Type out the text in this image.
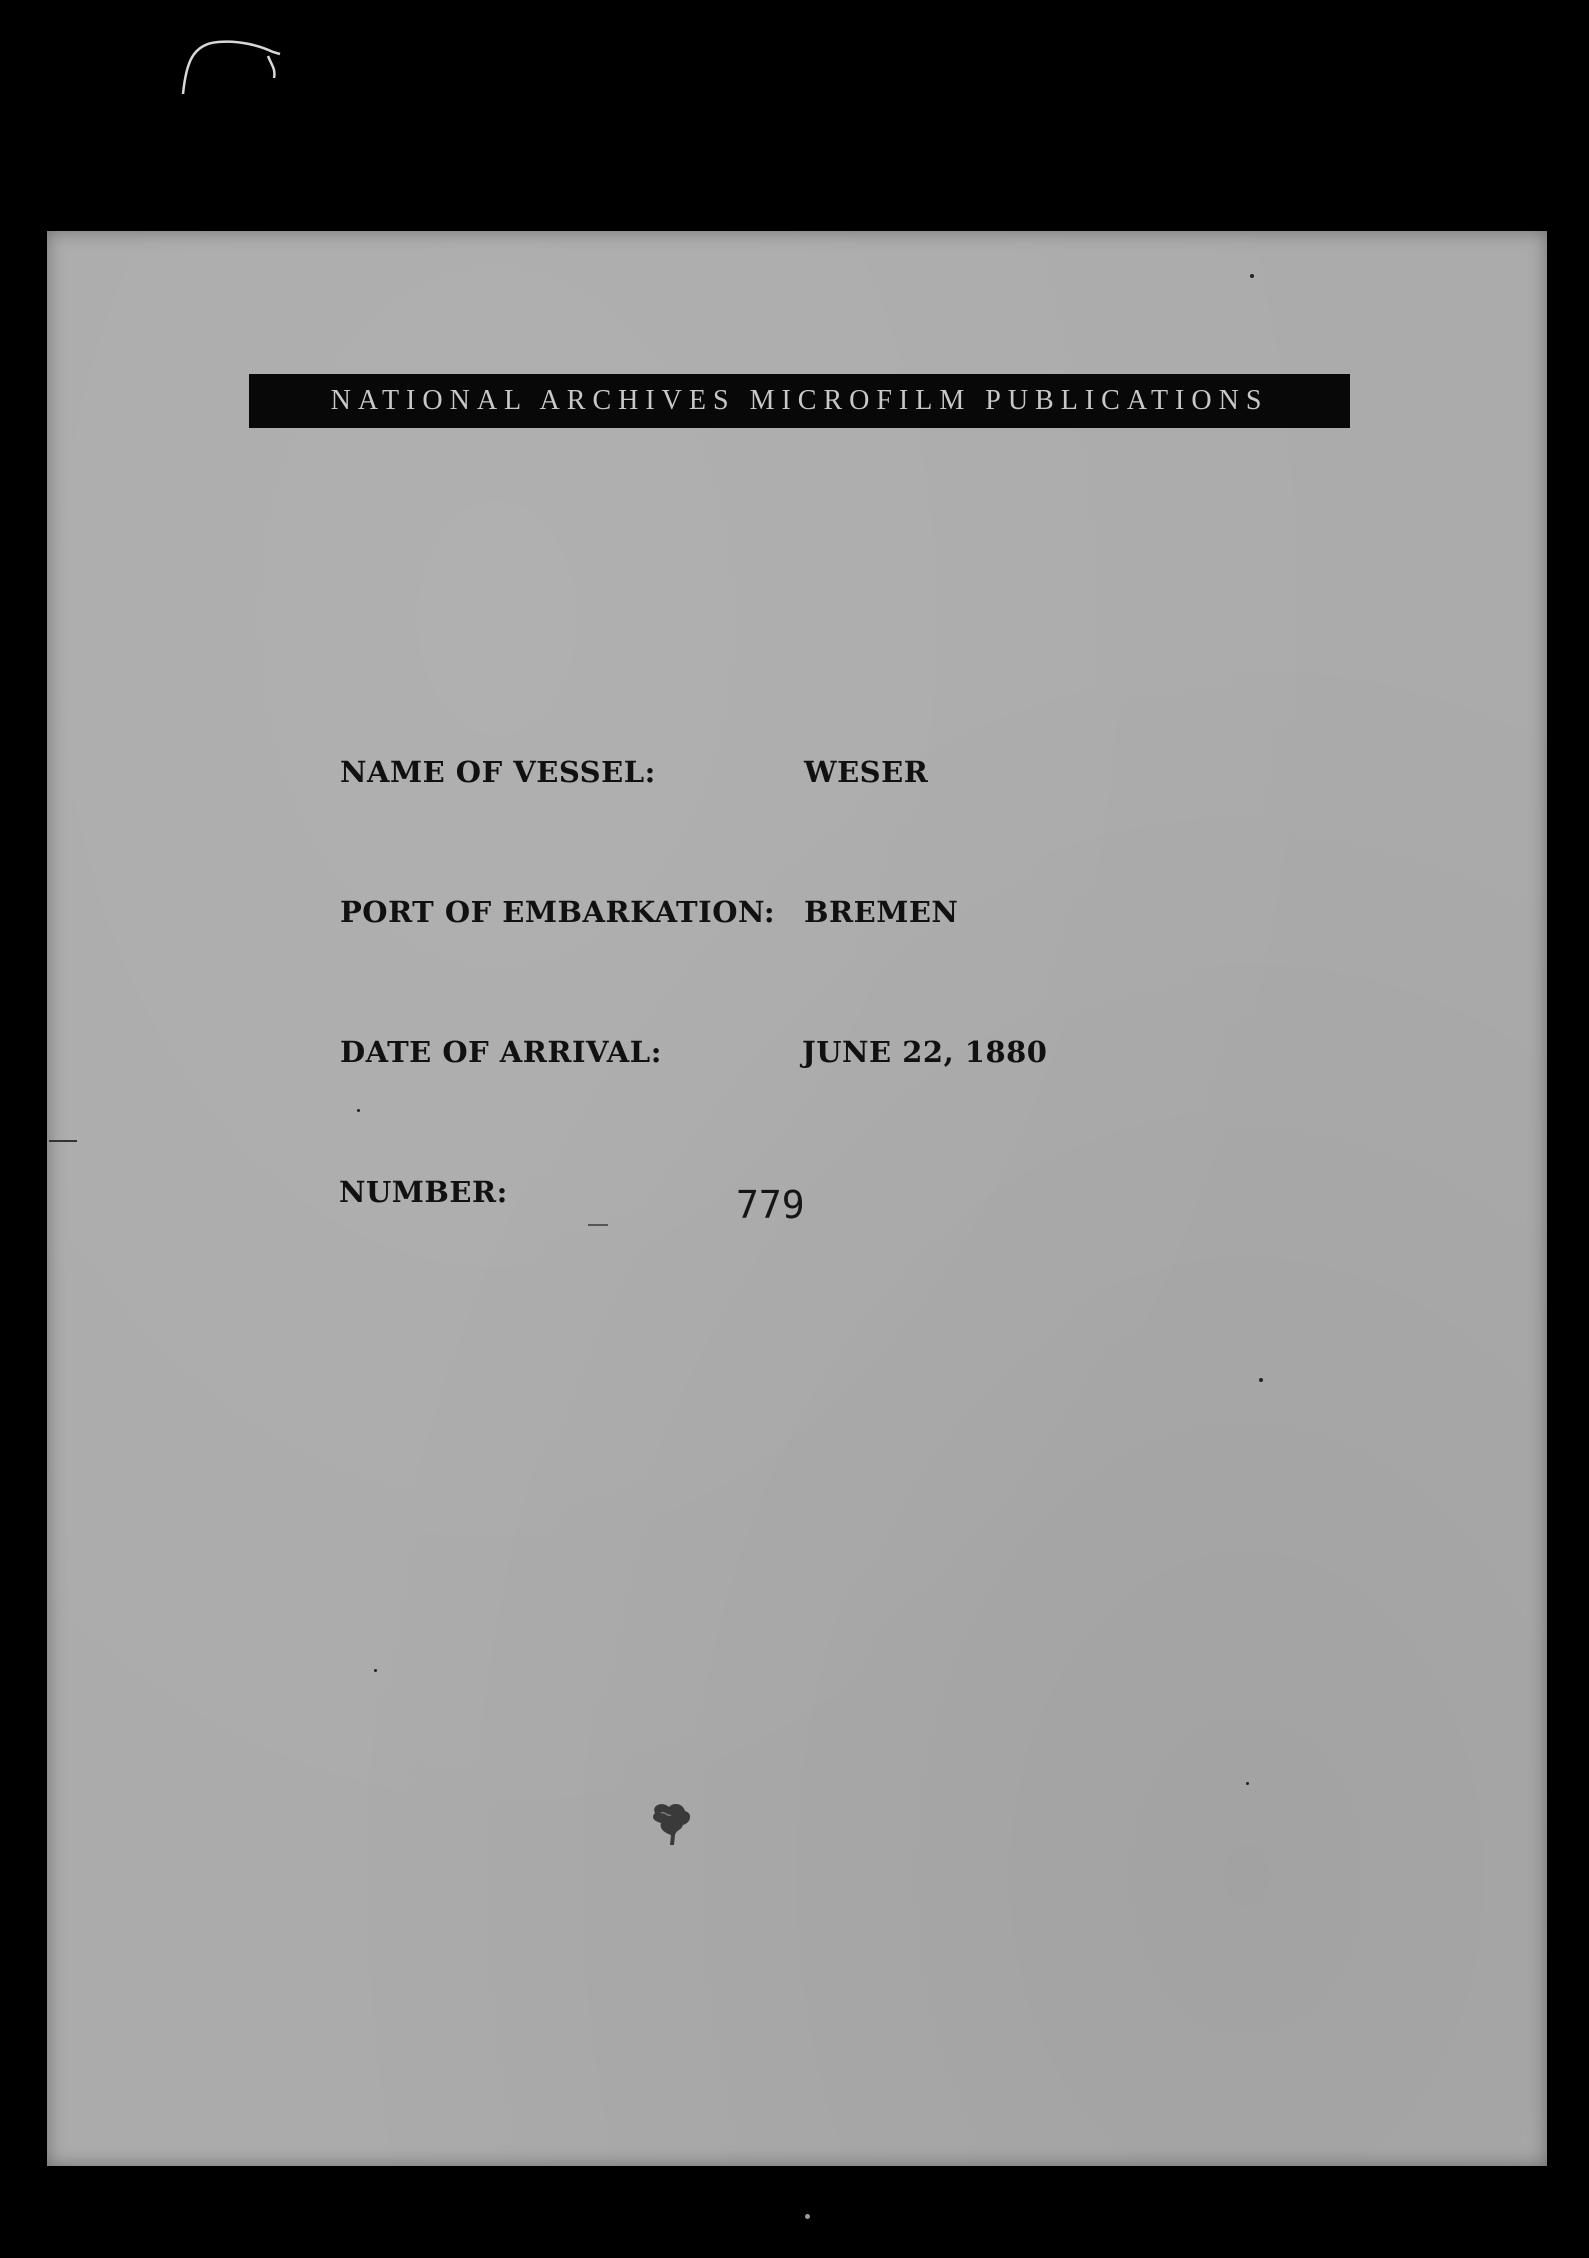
NATIONAL ARCHIVES MICROFILM PUBLICATIONS
NAME OF VESSEL:	WESER
PORT OF EMBARKATION: BREMEN
DATE OF ARRIVAL:	JUNE 22, 1880
NUMBER:	779
